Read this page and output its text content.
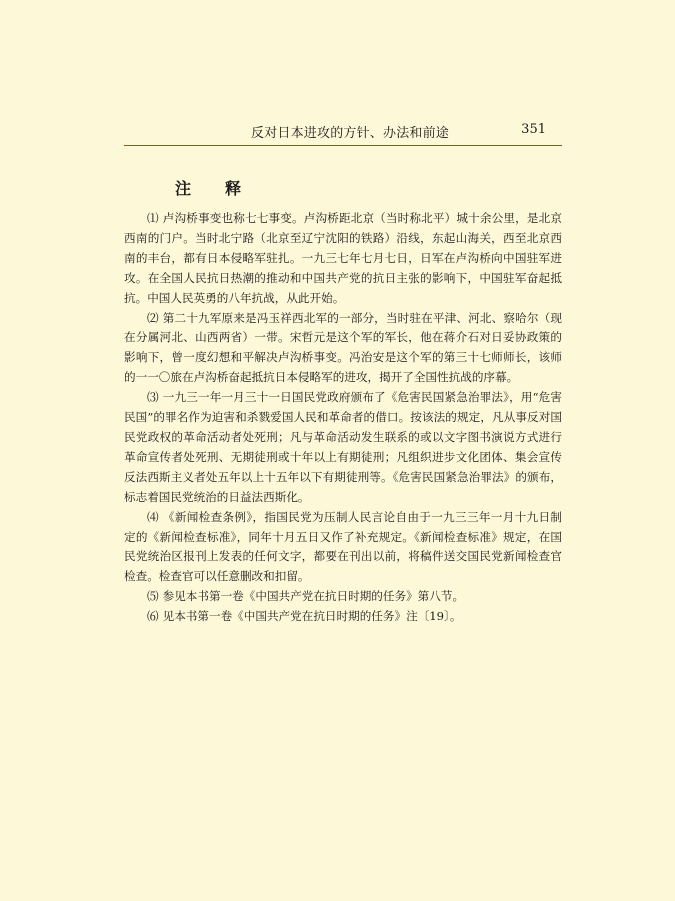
反对日本进攻的方针、办法和前途	351
注释

⑴ 卢沟桥事变也称七七事变。卢沟桥距北京（当时称北平）城十余公里，是北京西南的门户。当时北宁路（北京至辽宁沈阳的铁路）沿线，东起山海关，西至北京西南的丰台，都有日本侵略军驻扎。一九三七年七月七日，日军在卢沟桥向中国驻军进攻。在全国人民抗日热潮的推动和中国共产党的抗日主张的影响下，中国驻军奋起抵抗。中国人民英勇的八年抗战，从此开始。

⑵ 第二十九军原来是冯玉祥西北军的一部分，当时驻在平津、河北、察哈尔（现在分属河北、山西两省）一带。宋哲元是这个军的军长，他在蒋介石对日妥协政策的影响下，曾一度幻想和平解决卢沟桥事变。冯治安是这个军的第三十七师师长，该师的一一〇旅在卢沟桥奋起抵抗日本侵略军的进攻，揭开了全国性抗战的序幕。

⑶ 一九三一年一月三十一日国民党政府颁布了《危害民国紧急治罪法》，用“危害民国”的罪名作为迫害和杀戮爱国人民和革命者的借口。按该法的规定，凡从事反对国民党政权的革命活动者处死刑；凡与革命活动发生联系的或以文字图书演说方式进行革命宣传者处死刑、无期徒刑或十年以上有期徒刑；凡组织进步文化团体、集会宣传反法西斯主义者处五年以上十五年以下有期徒刑等。《危害民国紧急治罪法》的颁布，标志着国民党统治的日益法西斯化。

⑷ 《新闻检查条例》，指国民党为压制人民言论自由于一九三三年一月十九日制定的《新闻检查标准》，同年十月五日又作了补充规定。《新闻检查标准》规定，在国民党统治区报刊上发表的任何文字，都要在刊出以前，将稿件送交国民党新闻检查官检查。检查官可以任意删改和扣留。

⑸ 参见本书第一卷《中国共产党在抗日时期的任务》第八节。

⑹ 见本书第一卷《中国共产党在抗日时期的任务》注〔19〕。
